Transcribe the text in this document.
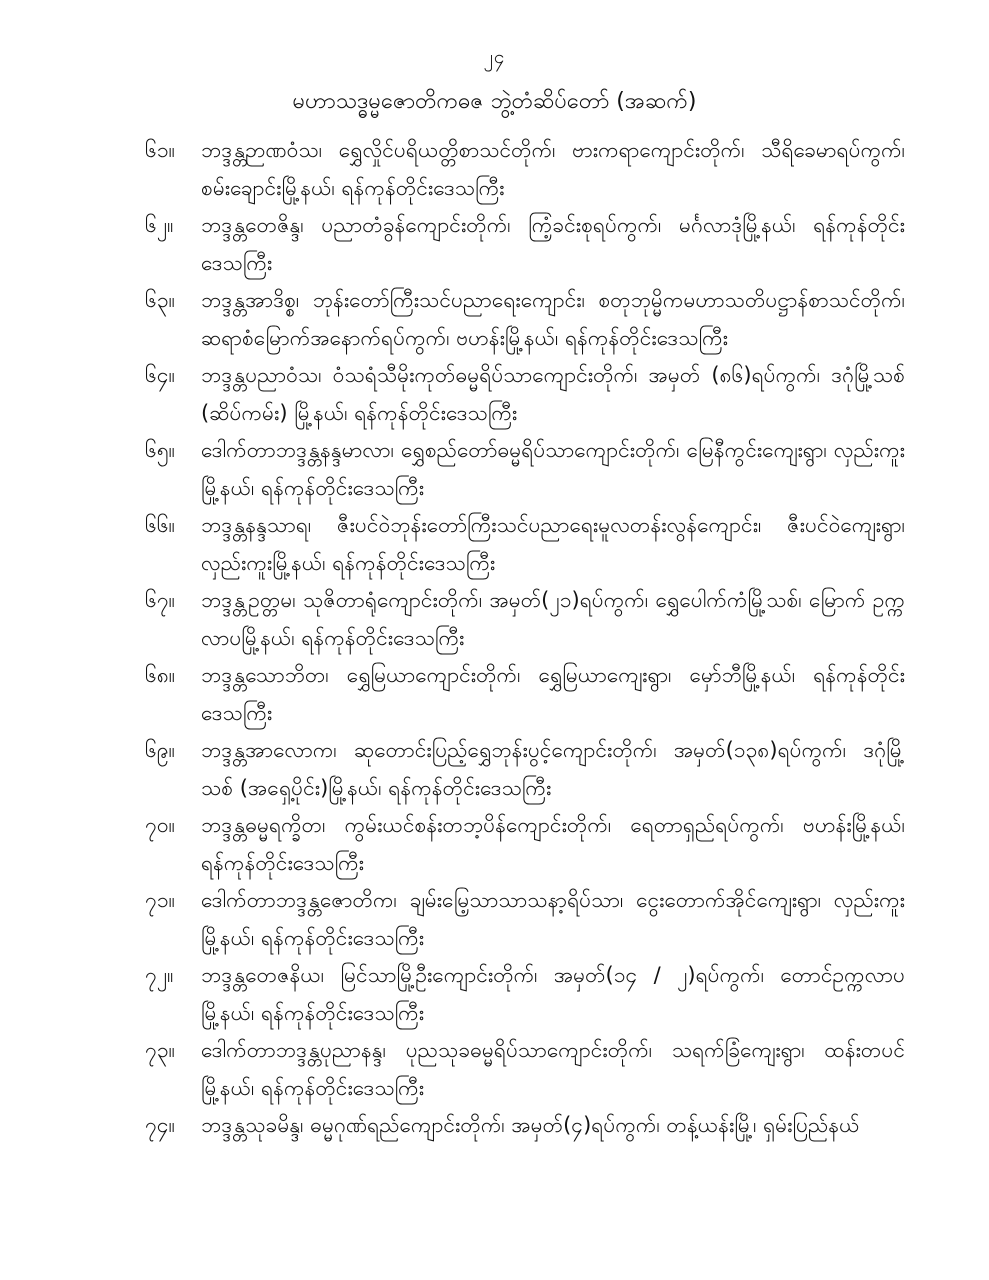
၂၄
မဟာသဒ္ဓမ္မဇောတိကဓဇ ဘွဲ့တံဆိပ်တော် (အဆက်)
၆၁။	ဘဒ္ဒန္တဉာဏဝံသ၊ ရွှေလှိုင်ပရိယတ္တိစာသင်တိုက်၊ ဗားကရာကျောင်းတိုက်၊ သီရိခေမာရပ်ကွက်၊ စမ်းချောင်းမြို့နယ်၊ ရန်ကုန်တိုင်းဒေသကြီး
၆၂။	ဘဒ္ဒန္တတေဇိန္ဒ၊ ပညာတံခွန်ကျောင်းတိုက်၊ ကြံ့ခင်းစုရပ်ကွက်၊ မင်္ဂလာဒုံမြို့နယ်၊ ရန်ကုန်တိုင်း ဒေသကြီး
၆၃။	ဘဒ္ဒန္တအာဒိစ္စ၊ ဘုန်းတော်ကြီးသင်ပညာရေးကျောင်း၊ စတုဘုမ္မိကမဟာသတိပဋ္ဌာန်စာသင်တိုက်၊ ဆရာစံမြောက်အနောက်ရပ်ကွက်၊ ဗဟန်းမြို့နယ်၊ ရန်ကုန်တိုင်းဒေသကြီး
၆၄။	ဘဒ္ဒန္တပညာဝံသ၊ ဝံသရံသီမိုးကုတ်ဓမ္မရိပ်သာကျောင်းတိုက်၊ အမှတ် (၈၆)ရပ်ကွက်၊ ဒဂုံမြို့သစ် (ဆိပ်ကမ်း) မြို့နယ်၊ ရန်ကုန်တိုင်းဒေသကြီး
၆၅။	ဒေါက်တာဘဒ္ဒန္တနန္ဒမာလာ၊ ရွှေစည်တော်ဓမ္မရိပ်သာကျောင်းတိုက်၊ မြေနီကွင်းကျေးရွာ၊ လှည်းကူးမြို့နယ်၊ ရန်ကုန်တိုင်းဒေသကြီး
၆၆။	ဘဒ္ဒန္တနန္ဒသာရ၊ ဇီးပင်ဝဲဘုန်းတော်ကြီးသင်ပညာရေးမူလတန်းလွန်ကျောင်း၊ ဇီးပင်ဝဲကျေးရွာ၊ လှည်းကူးမြို့နယ်၊ ရန်ကုန်တိုင်းဒေသကြီး
၆၇။	ဘဒ္ဒန္တဥတ္တမ၊ သုဇိတာရုံကျောင်းတိုက်၊ အမှတ်(၂၁)ရပ်ကွက်၊ ရွှေပေါက်ကံမြို့သစ်၊ မြောက် ဥက္ကလာပမြို့နယ်၊ ရန်ကုန်တိုင်းဒေသကြီး
၆၈။	ဘဒ္ဒန္တသောဘိတ၊ ရွှေမြယာကျောင်းတိုက်၊ ရွှေမြယာကျေးရွာ၊ မှော်ဘီမြို့နယ်၊ ရန်ကုန်တိုင်း ဒေသကြီး
၆၉။	ဘဒ္ဒန္တအာလောက၊ ဆုတောင်းပြည့်ရွှေဘုန်းပွင့်ကျောင်းတိုက်၊ အမှတ်(၁၃၈)ရပ်ကွက်၊ ဒဂုံမြို့သစ် (အရှေ့ပိုင်း)မြို့နယ်၊ ရန်ကုန်တိုင်းဒေသကြီး
၇၀။	ဘဒ္ဒန္တဓမ္မရက္ခိတ၊ ကွမ်းယင်စန်းတဘ့ပိန်ကျောင်းတိုက်၊ ရေတာရှည်ရပ်ကွက်၊ ဗဟန်းမြို့နယ်၊ ရန်ကုန်တိုင်းဒေသကြီး
၇၁။	ဒေါက်တာဘဒ္ဒန္တဇောတိက၊ ချမ်းမြေ့သာသာသနာ့ရိပ်သာ၊ ငွေးတောက်အိုင်ကျေးရွာ၊ လှည်းကူး မြို့နယ်၊ ရန်ကုန်တိုင်းဒေသကြီး
၇၂။	ဘဒ္ဒန္တတေဇနိယ၊ မြင်သာမြို့ဦးကျောင်းတိုက်၊ အမှတ်(၁၄ / ၂)ရပ်ကွက်၊ တောင်ဥက္ကလာပ မြို့နယ်၊ ရန်ကုန်တိုင်းဒေသကြီး
၇၃။	ဒေါက်တာဘဒ္ဒန္တပုညာနန္ဒ၊ ပုညသုခဓမ္မရိပ်သာကျောင်းတိုက်၊ သရက်ခြံကျေးရွာ၊ ထန်းတပင် မြို့နယ်၊ ရန်ကုန်တိုင်းဒေသကြီး
၇၄။	ဘဒ္ဒန္တသုခမိန္ဒ၊ ဓမ္မဂုဏ်ရည်ကျောင်းတိုက်၊ အမှတ်(၄)ရပ်ကွက်၊ တန့်ယန်းမြို့၊ ရှမ်းပြည်နယ်
